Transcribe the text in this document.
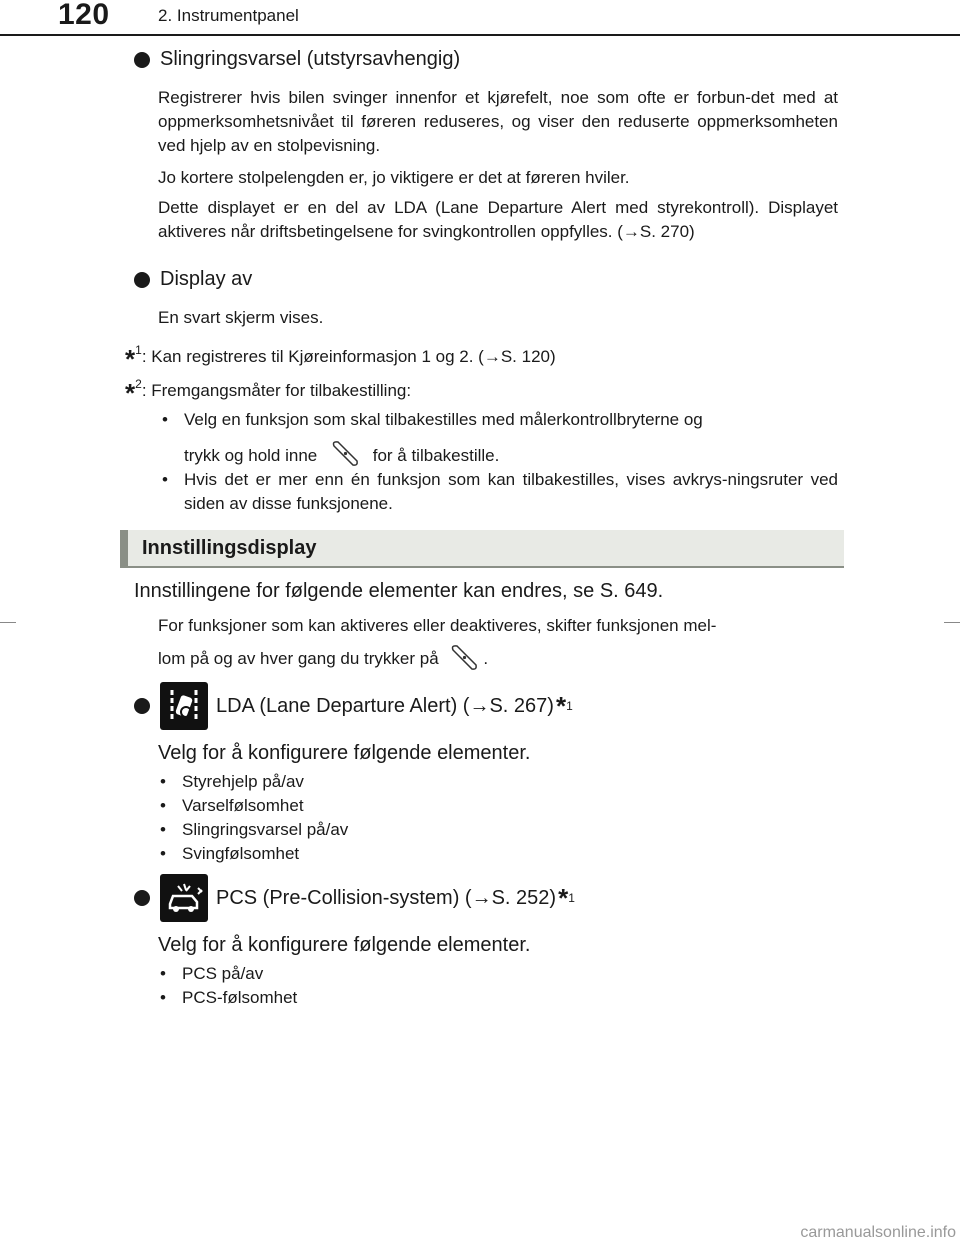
120	2. Instrumentpanel
Slingringsvarsel (utstyrsavhengig)
Registrerer hvis bilen svinger innenfor et kjørefelt, noe som ofte er forbun-det med at oppmerksomhetsnivået til føreren reduseres, og viser den reduserte oppmerksomheten ved hjelp av en stolpevisning.
Jo kortere stolpelengden er, jo viktigere er det at føreren hviler.
Dette displayet er en del av LDA (Lane Departure Alert med styrekontroll). Displayet aktiveres når driftsbetingelsene for svingkontrollen oppfylles. (→S. 270)
Display av
En svart skjerm vises.
*$^1$: Kan registreres til Kjøreinformasjon 1 og 2. (→S. 120)
*$^2$: Fremgangsmåter for tilbakestilling:
• Velg en funksjon som skal tilbakestilles med målerkontrollbryterne og
trykk og hold inne	for å tilbakestille.
• Hvis det er mer enn én funksjon som kan tilbakestilles, vises avkrys-ningsruter ved siden av disse funksjonene.
Innstillingsdisplay
Innstillingene for følgende elementer kan endres, se S. 649.
For funksjoner som kan aktiveres eller deaktiveres, skifter funksjonen mel-
lom på og av hver gang du trykker på	.
LDA (Lane Departure Alert) (→S. 267) * 1
Velg for å konfigurere følgende elementer.
• Styrehjelp på/av
• Varselfølsomhet
• Slingringsvarsel på/av
• Svingfølsomhet
PCS (Pre-Collision-system) (→S. 252) * 1
Velg for å konfigurere følgende elementer.
• PCS på/av
• PCS-følsomhet
carmanualsonline.info
